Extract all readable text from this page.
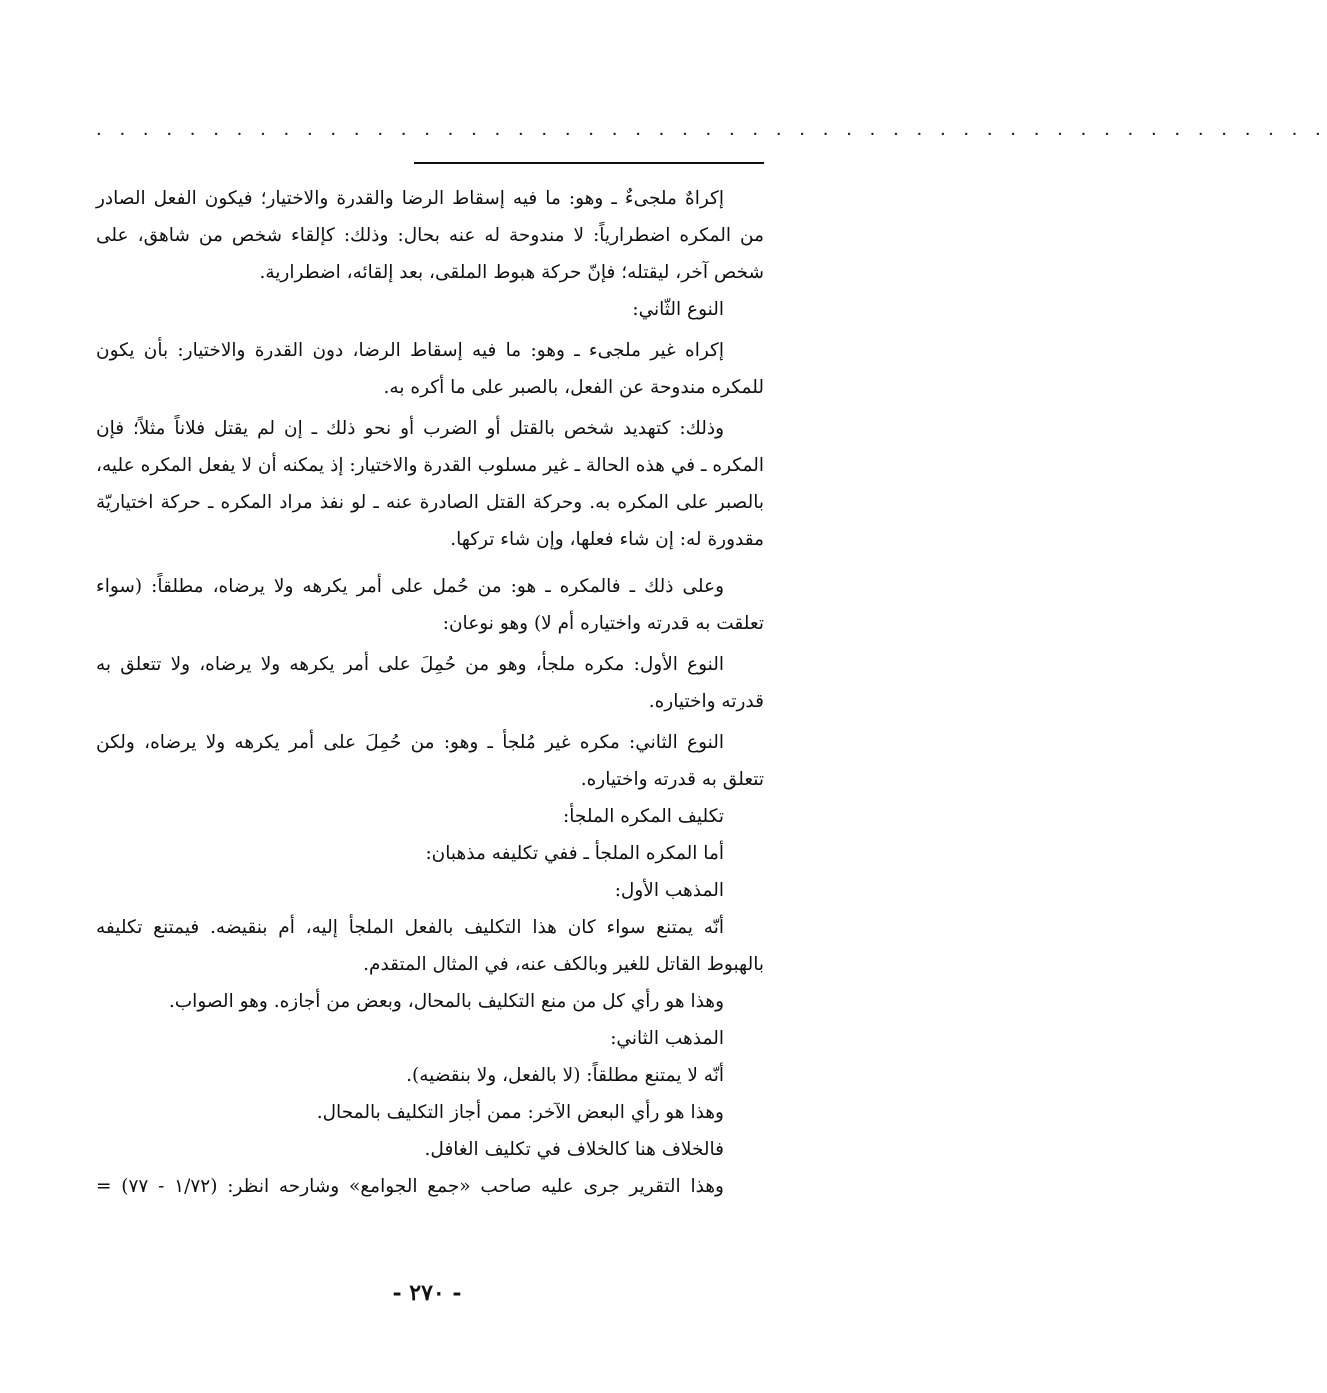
· · · · · · · · · · · · · · · · · · · · · · · · · · · · · · · · · · · · · · · · · · · · · · · · · · · · ·

إكراهٌ ملجىءٌ ـ وهو: ما فيه إسقاط الرضا والقدرة والاختيار؛ فيكون الفعل الصادر من المكره اضطرارياً: لا مندوحة له عنه بحال: وذلك: كإلقاء شخص من شاهق، على شخص آخر، ليقتله؛ فإنّ حركة هبوط الملقى، بعد إلقائه، اضطرارية.

النوع الثّاني:

إكراه غير ملجىء ـ وهو: ما فيه إسقاط الرضا، دون القدرة والاختيار: بأن يكون للمكره مندوحة عن الفعل، بالصبر على ما أكره به.

وذلك: كتهديد شخص بالقتل أو الضرب أو نحو ذلك ـ إن لم يقتل فلاناً مثلاً؛ فإن المكره ـ في هذه الحالة ـ غير مسلوب القدرة والاختيار: إذ يمكنه أن لا يفعل المكره عليه، بالصبر على المكره به. وحركة القتل الصادرة عنه ـ لو نفذ مراد المكره ـ حركة اختياريّة مقدورة له: إن شاء فعلها، وإن شاء تركها.

وعلى ذلك ـ فالمكره ـ هو: من حُمل على أمر يكرهه ولا يرضاه، مطلقاً: (سواء تعلقت به قدرته واختياره أم لا) وهو نوعان:

النوع الأول: مكره ملجأ، وهو من حُمِلَ على أمر يكرهه ولا يرضاه، ولا تتعلق به قدرته واختياره.

النوع الثاني: مكره غير مُلجأ ـ وهو: من حُمِلَ على أمر يكرهه ولا يرضاه، ولكن تتعلق به قدرته واختياره.

تكليف المكره الملجأ:

أما المكره الملجأ ـ ففي تكليفه مذهبان:

المذهب الأول:

أنّه يمتنع سواء كان هذا التكليف بالفعل الملجأ إليه، أم بنقيضه. فيمتنع تكليفه بالهبوط القاتل للغير وبالكف عنه، في المثال المتقدم.

وهذا هو رأي كل من منع التكليف بالمحال، وبعض من أجازه. وهو الصواب.

المذهب الثاني:

أنّه لا يمتنع مطلقاً: (لا بالفعل، ولا بنقضيه).

وهذا هو رأي البعض الآخر: ممن أجاز التكليف بالمحال.

فالخلاف هنا كالخلاف في تكليف الغافل.

وهذا التقرير جرى عليه صاحب «جمع الجوامع» وشارحه انظر: (١/٧٢ - ٧٧) =

- ٢٧٠ -
